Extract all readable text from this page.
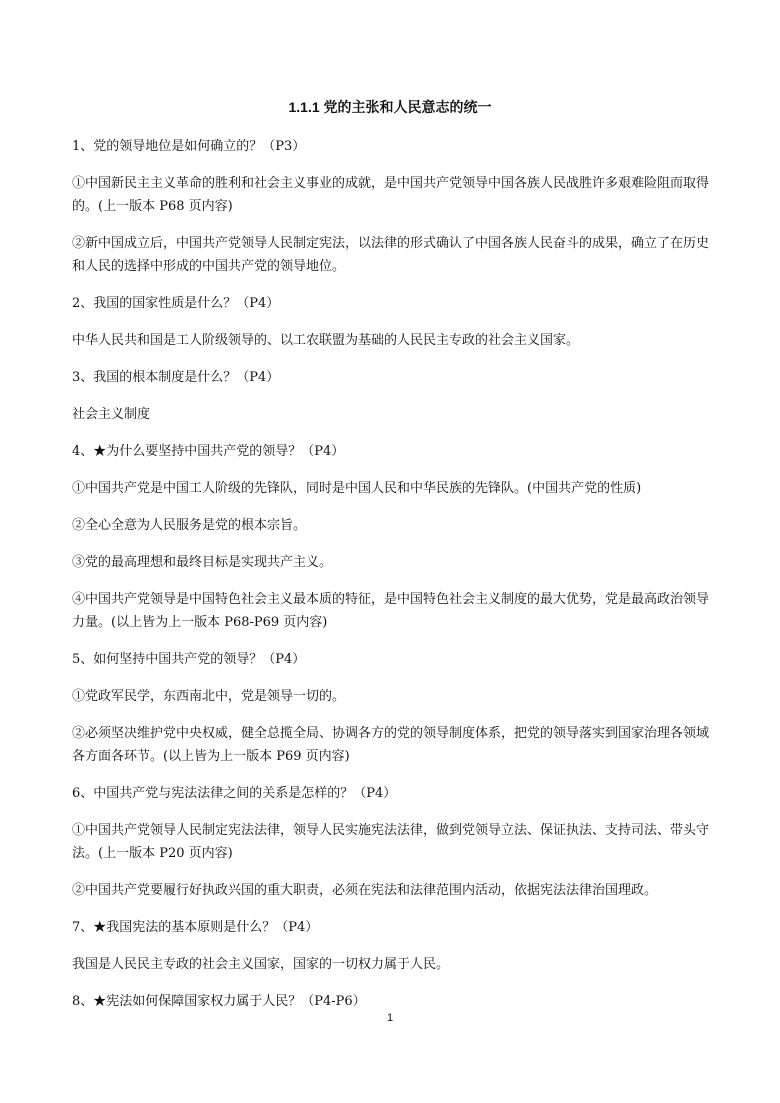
1.1.1 党的主张和人民意志的统一

1、党的领导地位是如何确立的？（P3）

①中国新民主主义革命的胜利和社会主义事业的成就，是中国共产党领导中国各族人民战胜许多艰难险阻而取得的。(上一版本 P68 页内容)

②新中国成立后，中国共产党领导人民制定宪法，以法律的形式确认了中国各族人民奋斗的成果，确立了在历史和人民的选择中形成的中国共产党的领导地位。

2、我国的国家性质是什么？（P4）

中华人民共和国是工人阶级领导的、以工农联盟为基础的人民民主专政的社会主义国家。

3、我国的根本制度是什么？（P4）

社会主义制度

4、★为什么要坚持中国共产党的领导？（P4）

①中国共产党是中国工人阶级的先锋队，同时是中国人民和中华民族的先锋队。(中国共产党的性质)

②全心全意为人民服务是党的根本宗旨。

③党的最高理想和最终目标是实现共产主义。

④中国共产党领导是中国特色社会主义最本质的特征，是中国特色社会主义制度的最大优势，党是最高政治领导力量。(以上皆为上一版本 P68-P69 页内容)

5、如何坚持中国共产党的领导？（P4）

①党政军民学，东西南北中，党是领导一切的。

②必须坚决维护党中央权威，健全总揽全局、协调各方的党的领导制度体系，把党的领导落实到国家治理各领域各方面各环节。(以上皆为上一版本 P69 页内容)

6、中国共产党与宪法法律之间的关系是怎样的？（P4）

①中国共产党领导人民制定宪法法律，领导人民实施宪法法律，做到党领导立法、保证执法、支持司法、带头守法。(上一版本 P20 页内容)

②中国共产党要履行好执政兴国的重大职责，必须在宪法和法律范围内活动，依据宪法法律治国理政。

7、★我国宪法的基本原则是什么？（P4）

我国是人民民主专政的社会主义国家，国家的一切权力属于人民。

8、★宪法如何保障国家权力属于人民？（P4-P6）

1
